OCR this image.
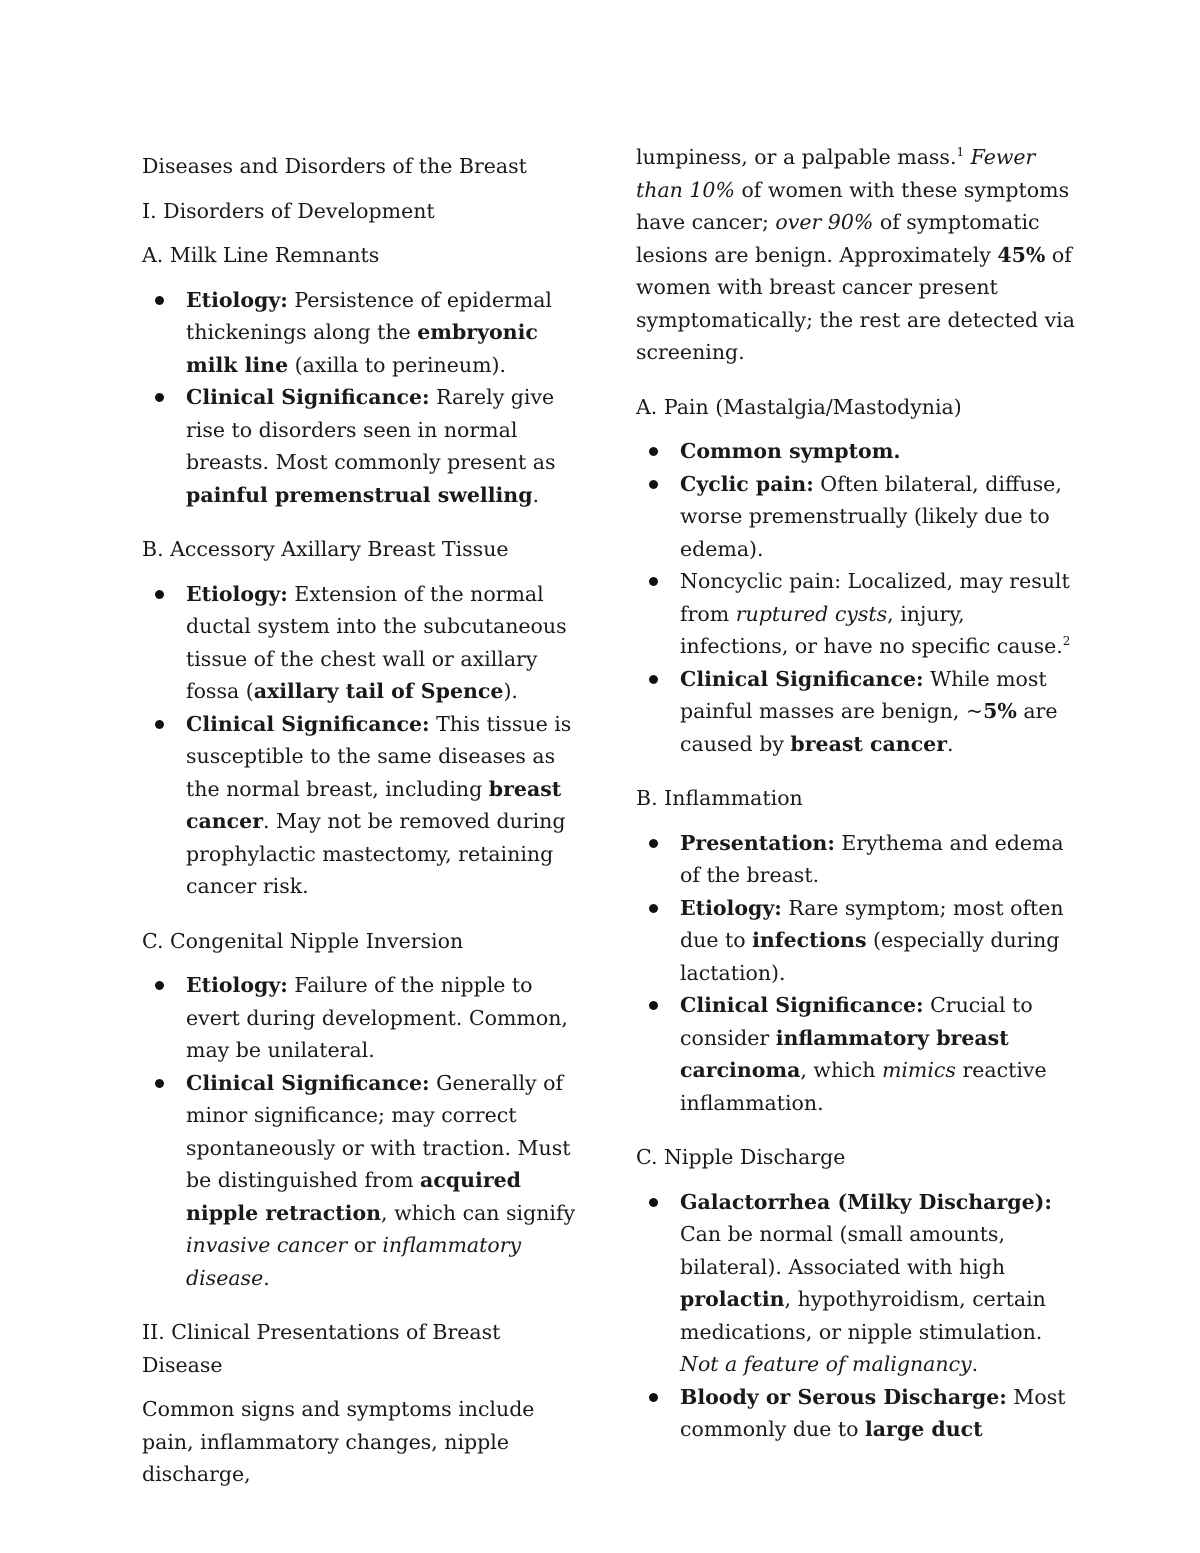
Diseases and Disorders of the Breast

I. Disorders of Development

A. Milk Line Remnants

Etiology: Persistence of epidermal thickenings along the embryonic milk line (axilla to perineum).
Clinical Significance: Rarely give rise to disorders seen in normal breasts. Most commonly present as painful premenstrual swelling.

B. Accessory Axillary Breast Tissue

Etiology: Extension of the normal ductal system into the subcutaneous tissue of the chest wall or axillary fossa (axillary tail of Spence).
Clinical Significance: This tissue is susceptible to the same diseases as the normal breast, including breast cancer. May not be removed during prophylactic mastectomy, retaining cancer risk.

C. Congenital Nipple Inversion

Etiology: Failure of the nipple to evert during development. Common, may be unilateral.
Clinical Significance: Generally of minor significance; may correct spontaneously or with traction. Must be distinguished from acquired nipple retraction, which can signify invasive cancer or inflammatory disease.

II. Clinical Presentations of Breast Disease

Common signs and symptoms include pain, inflammatory changes, nipple discharge,

lumpiness, or a palpable mass.$^1$ Fewer than 10% of women with these symptoms have cancer; over 90% of symptomatic lesions are benign. Approximately 45% of women with breast cancer present symptomatically; the rest are detected via screening.

A. Pain (Mastalgia/Mastodynia)

Common symptom.
Cyclic pain: Often bilateral, diffuse, worse premenstrually (likely due to edema).
Noncyclic pain: Localized, may result from ruptured cysts, injury, infections, or have no specific cause.$^2$
Clinical Significance: While most painful masses are benign, ~5% are caused by breast cancer.

B. Inflammation

Presentation: Erythema and edema of the breast.
Etiology: Rare symptom; most often due to infections (especially during lactation).
Clinical Significance: Crucial to consider inflammatory breast carcinoma, which mimics reactive inflammation.

C. Nipple Discharge

Galactorrhea (Milky Discharge): Can be normal (small amounts, bilateral). Associated with high prolactin, hypothyroidism, certain medications, or nipple stimulation. Not a feature of malignancy.
Bloody or Serous Discharge: Most commonly due to large duct
